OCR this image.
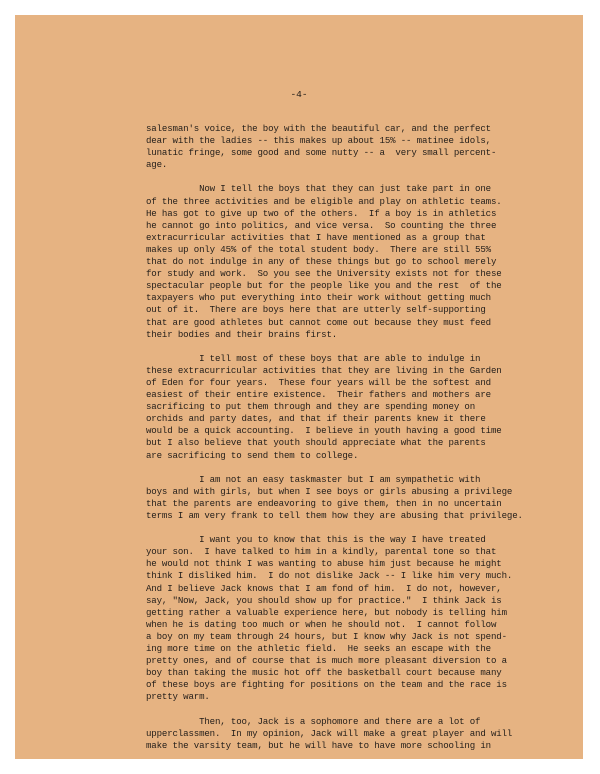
-4-
salesman's voice, the boy with the beautiful car, and the perfect
dear with the ladies -- this makes up about 15% -- matinee idols,
lunatic fringe, some good and some nutty -- a  very small percent-
age.
Now I tell the boys that they can just take part in one
of the three activities and be eligible and play on athletic teams.
He has got to give up two of the others.  If a boy is in athletics
he cannot go into politics, and vice versa.  So counting the three
extracurricular activities that I have mentioned as a group that
makes up only 45% of the total student body.  There are still 55%
that do not indulge in any of these things but go to school merely
for study and work.  So you see the University exists not for these
spectacular people but for the people like you and the rest  of the
taxpayers who put everything into their work without getting much
out of it.  There are boys here that are utterly self-supporting
that are good athletes but cannot come out because they must feed
their bodies and their brains first.
I tell most of these boys that are able to indulge in
these extracurricular activities that they are living in the Garden
of Eden for four years.  These four years will be the softest and
easiest of their entire existence.  Their fathers and mothers are
sacrificing to put them through and they are spending money on
orchids and party dates, and that if their parents knew it there
would be a quick accounting.  I believe in youth having a good time
but I also believe that youth should appreciate what the parents
are sacrificing to send them to college.
I am not an easy taskmaster but I am sympathetic with
boys and with girls, but when I see boys or girls abusing a privilege
that the parents are endeavoring to give them, then in no uncertain
terms I am very frank to tell them how they are abusing that privilege.
I want you to know that this is the way I have treated
your son.  I have talked to him in a kindly, parental tone so that
he would not think I was wanting to abuse him just because he might
think I disliked him.  I do not dislike Jack -- I like him very much.
And I believe Jack knows that I am fond of him.  I do not, however,
say, "Now, Jack, you should show up for practice."  I think Jack is
getting rather a valuable experience here, but nobody is telling him
when he is dating too much or when he should not.  I cannot follow
a boy on my team through 24 hours, but I know why Jack is not spend-
ing more time on the athletic field.  He seeks an escape with the
pretty ones, and of course that is much more pleasant diversion to a
boy than taking the music hot off the basketball court because many
of these boys are fighting for positions on the team and the race is
pretty warm.
Then, too, Jack is a sophomore and there are a lot of
upperclassmen.  In my opinion, Jack will make a great player and will
make the varsity team, but he will have to have more schooling in
